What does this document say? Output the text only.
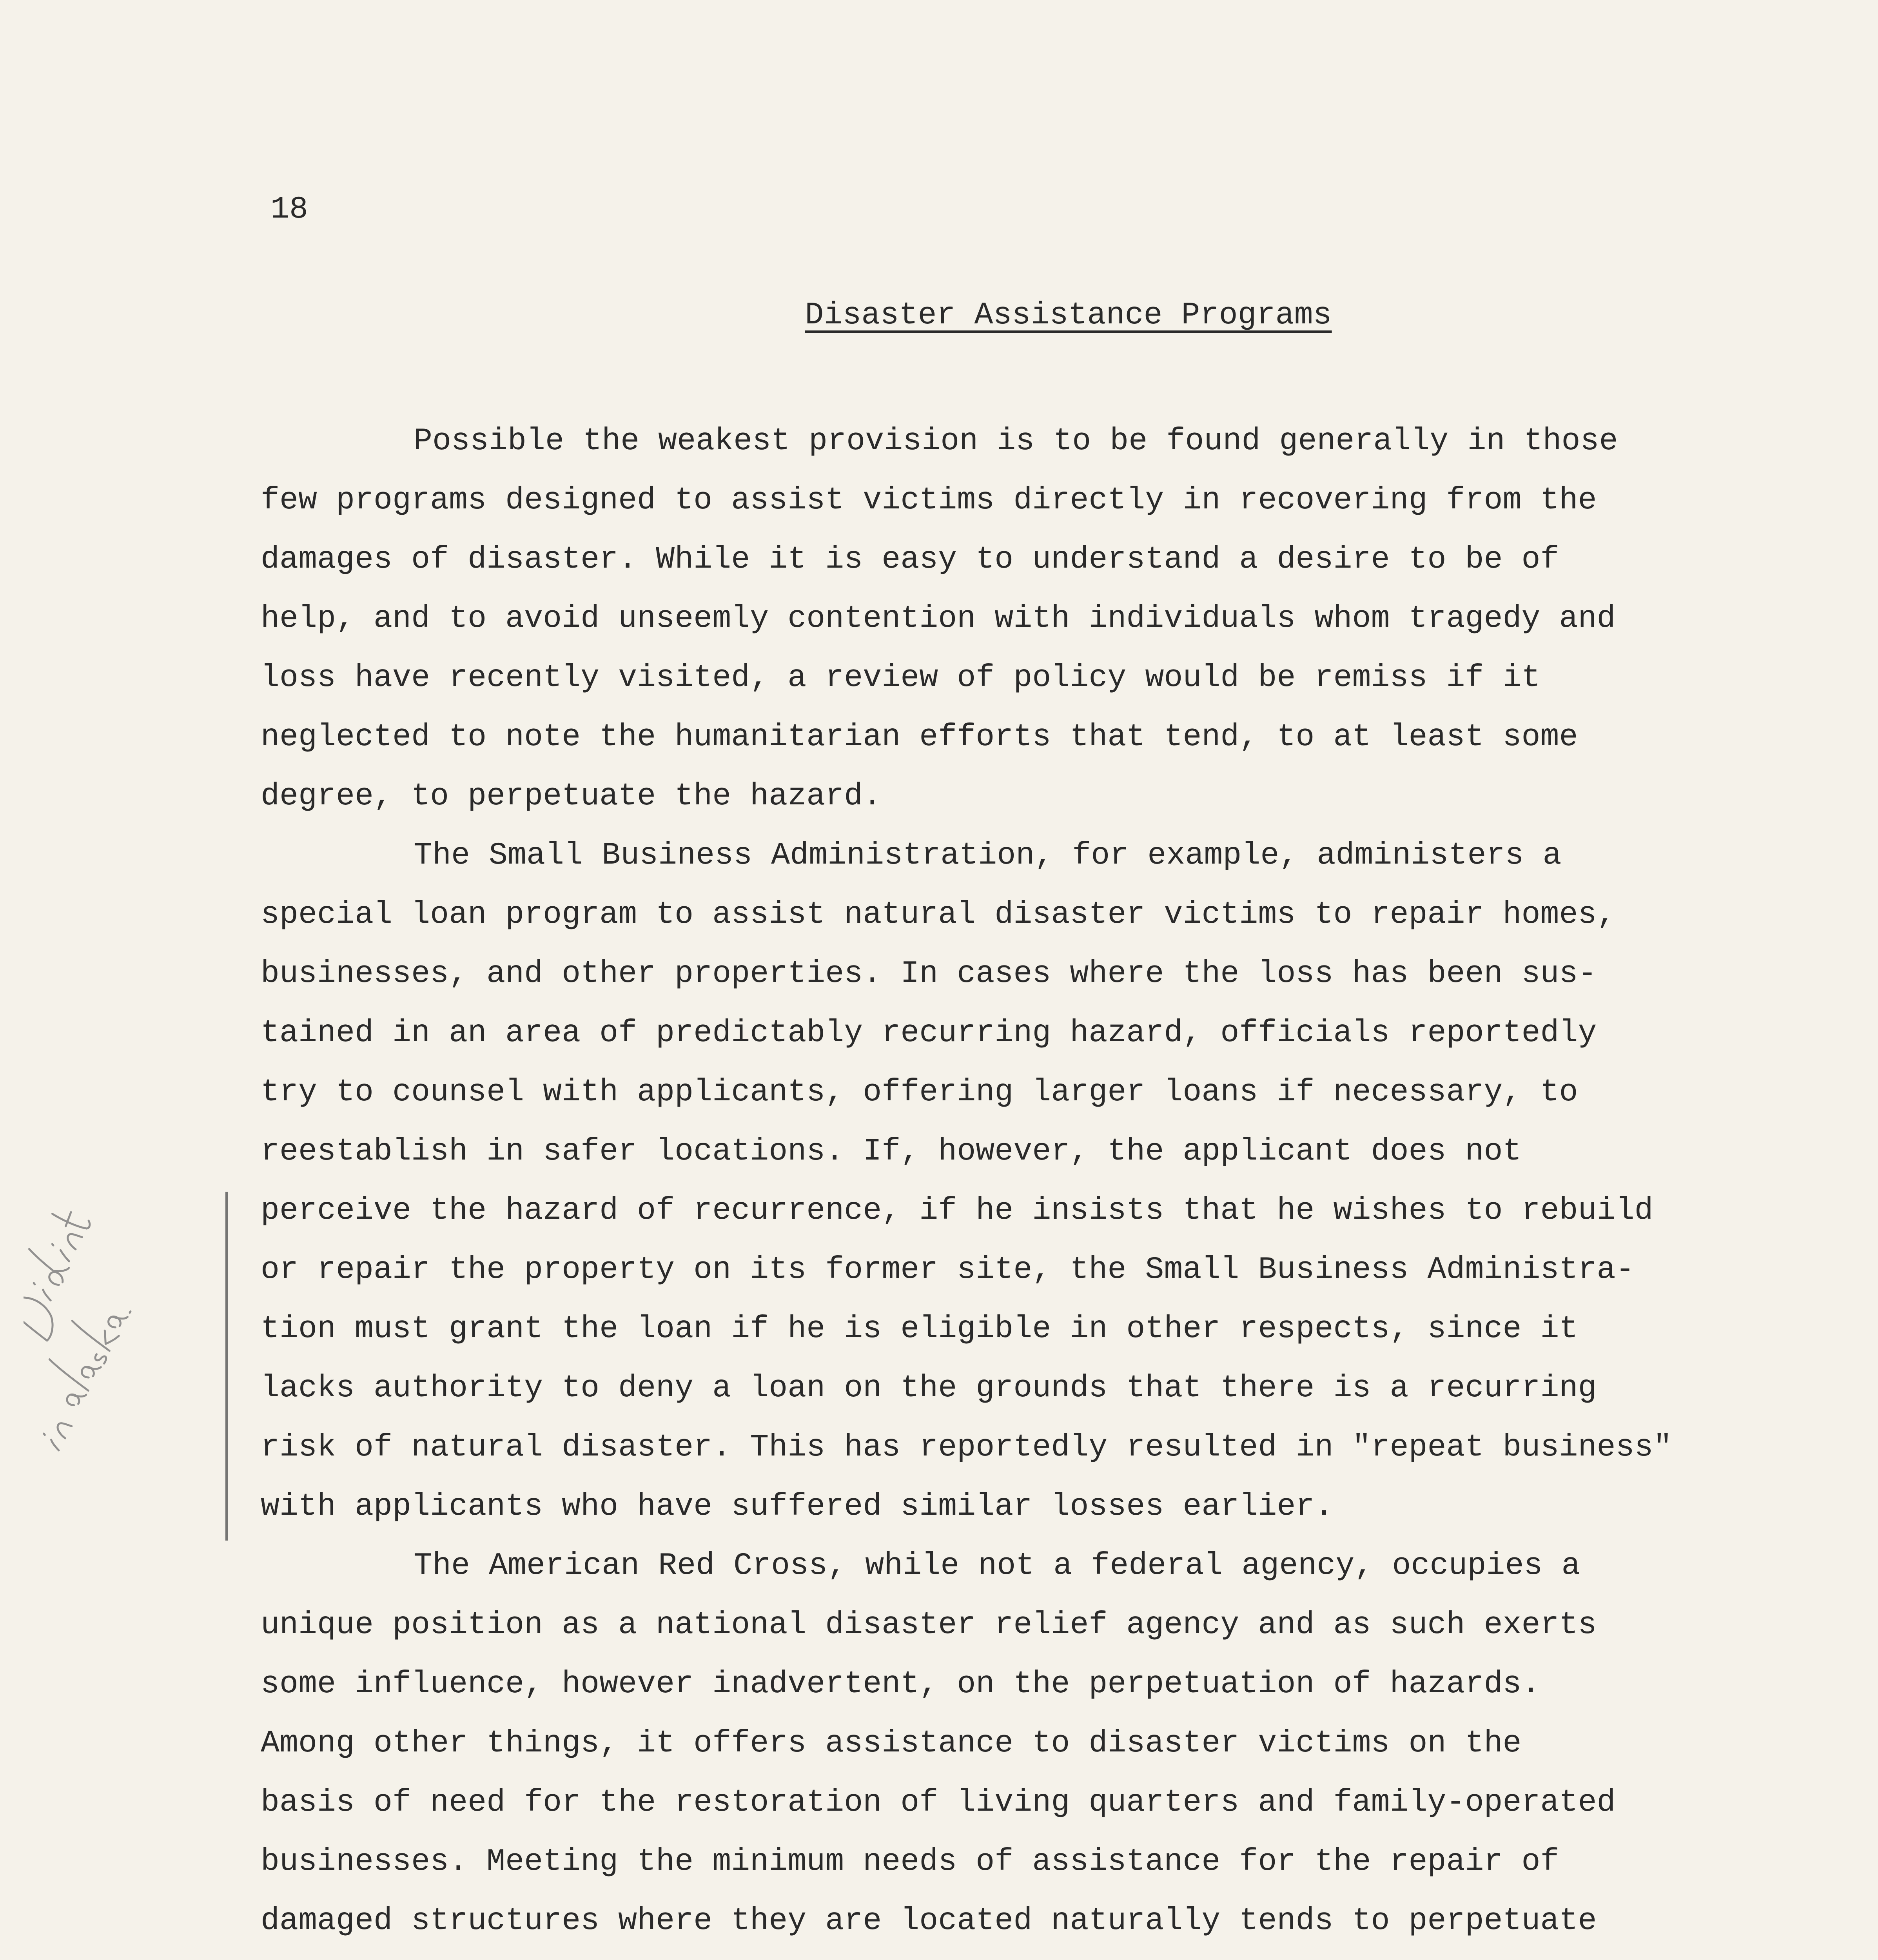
18
Disaster Assistance Programs

Possible the weakest provision is to be found generally in those
few programs designed to assist victims directly in recovering from the
damages of disaster. While it is easy to understand a desire to be of
help, and to avoid unseemly contention with individuals whom tragedy and
loss have recently visited, a review of policy would be remiss if it
neglected to note the humanitarian efforts that tend, to at least some
degree, to perpetuate the hazard.

The Small Business Administration, for example, administers a
special loan program to assist natural disaster victims to repair homes,
businesses, and other properties. In cases where the loss has been sus-
tained in an area of predictably recurring hazard, officials reportedly
try to counsel with applicants, offering larger loans if necessary, to
reestablish in safer locations. If, however, the applicant does not
perceive the hazard of recurrence, if he insists that he wishes to rebuild
or repair the property on its former site, the Small Business Administra-
tion must grant the loan if he is eligible in other respects, since it
lacks authority to deny a loan on the grounds that there is a recurring
risk of natural disaster. This has reportedly resulted in "repeat business"
with applicants who have suffered similar losses earlier.

The American Red Cross, while not a federal agency, occupies a
unique position as a national disaster relief agency and as such exerts
some influence, however inadvertent, on the perpetuation of hazards.
Among other things, it offers assistance to disaster victims on the
basis of need for the restoration of living quarters and family-operated
businesses. Meeting the minimum needs of assistance for the repair of
damaged structures where they are located naturally tends to perpetuate
